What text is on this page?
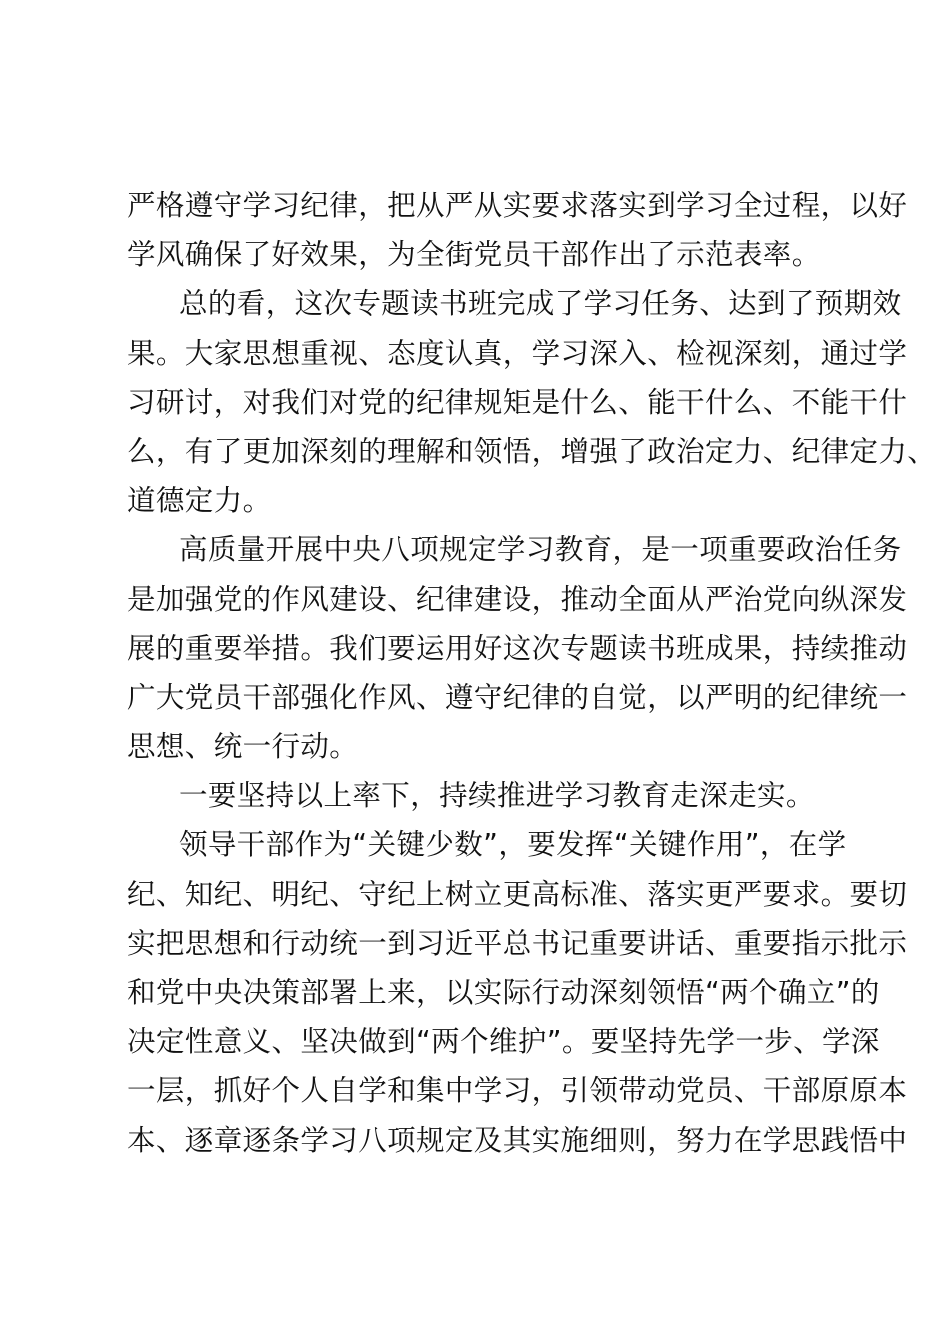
严格遵守学习纪律，把从严从实要求落实到学习全过程，以好
学风确保了好效果，为全街党员干部作出了示范表率。
总的看，这次专题读书班完成了学习任务、达到了预期效
果。大家思想重视、态度认真，学习深入、检视深刻，通过学
习研讨，对我们对党的纪律规矩是什么、能干什么、不能干什
么，有了更加深刻的理解和领悟，增强了政治定力、纪律定力、
道德定力。
高质量开展中央八项规定学习教育，是一项重要政治任务
是加强党的作风建设、纪律建设，推动全面从严治党向纵深发
展的重要举措。我们要运用好这次专题读书班成果，持续推动
广大党员干部强化作风、遵守纪律的自觉，以严明的纪律统一
思想、统一行动。
一要坚持以上率下，持续推进学习教育走深走实。
领导干部作为“关键少数”，要发挥“关键作用”，在学
纪、知纪、明纪、守纪上树立更高标准、落实更严要求。要切
实把思想和行动统一到习近平总书记重要讲话、重要指示批示
和党中央决策部署上来，以实际行动深刻领悟“两个确立”的
决定性意义、坚决做到“两个维护”。要坚持先学一步、学深
一层，抓好个人自学和集中学习，引领带动党员、干部原原本
本、逐章逐条学习八项规定及其实施细则，努力在学思践悟中
